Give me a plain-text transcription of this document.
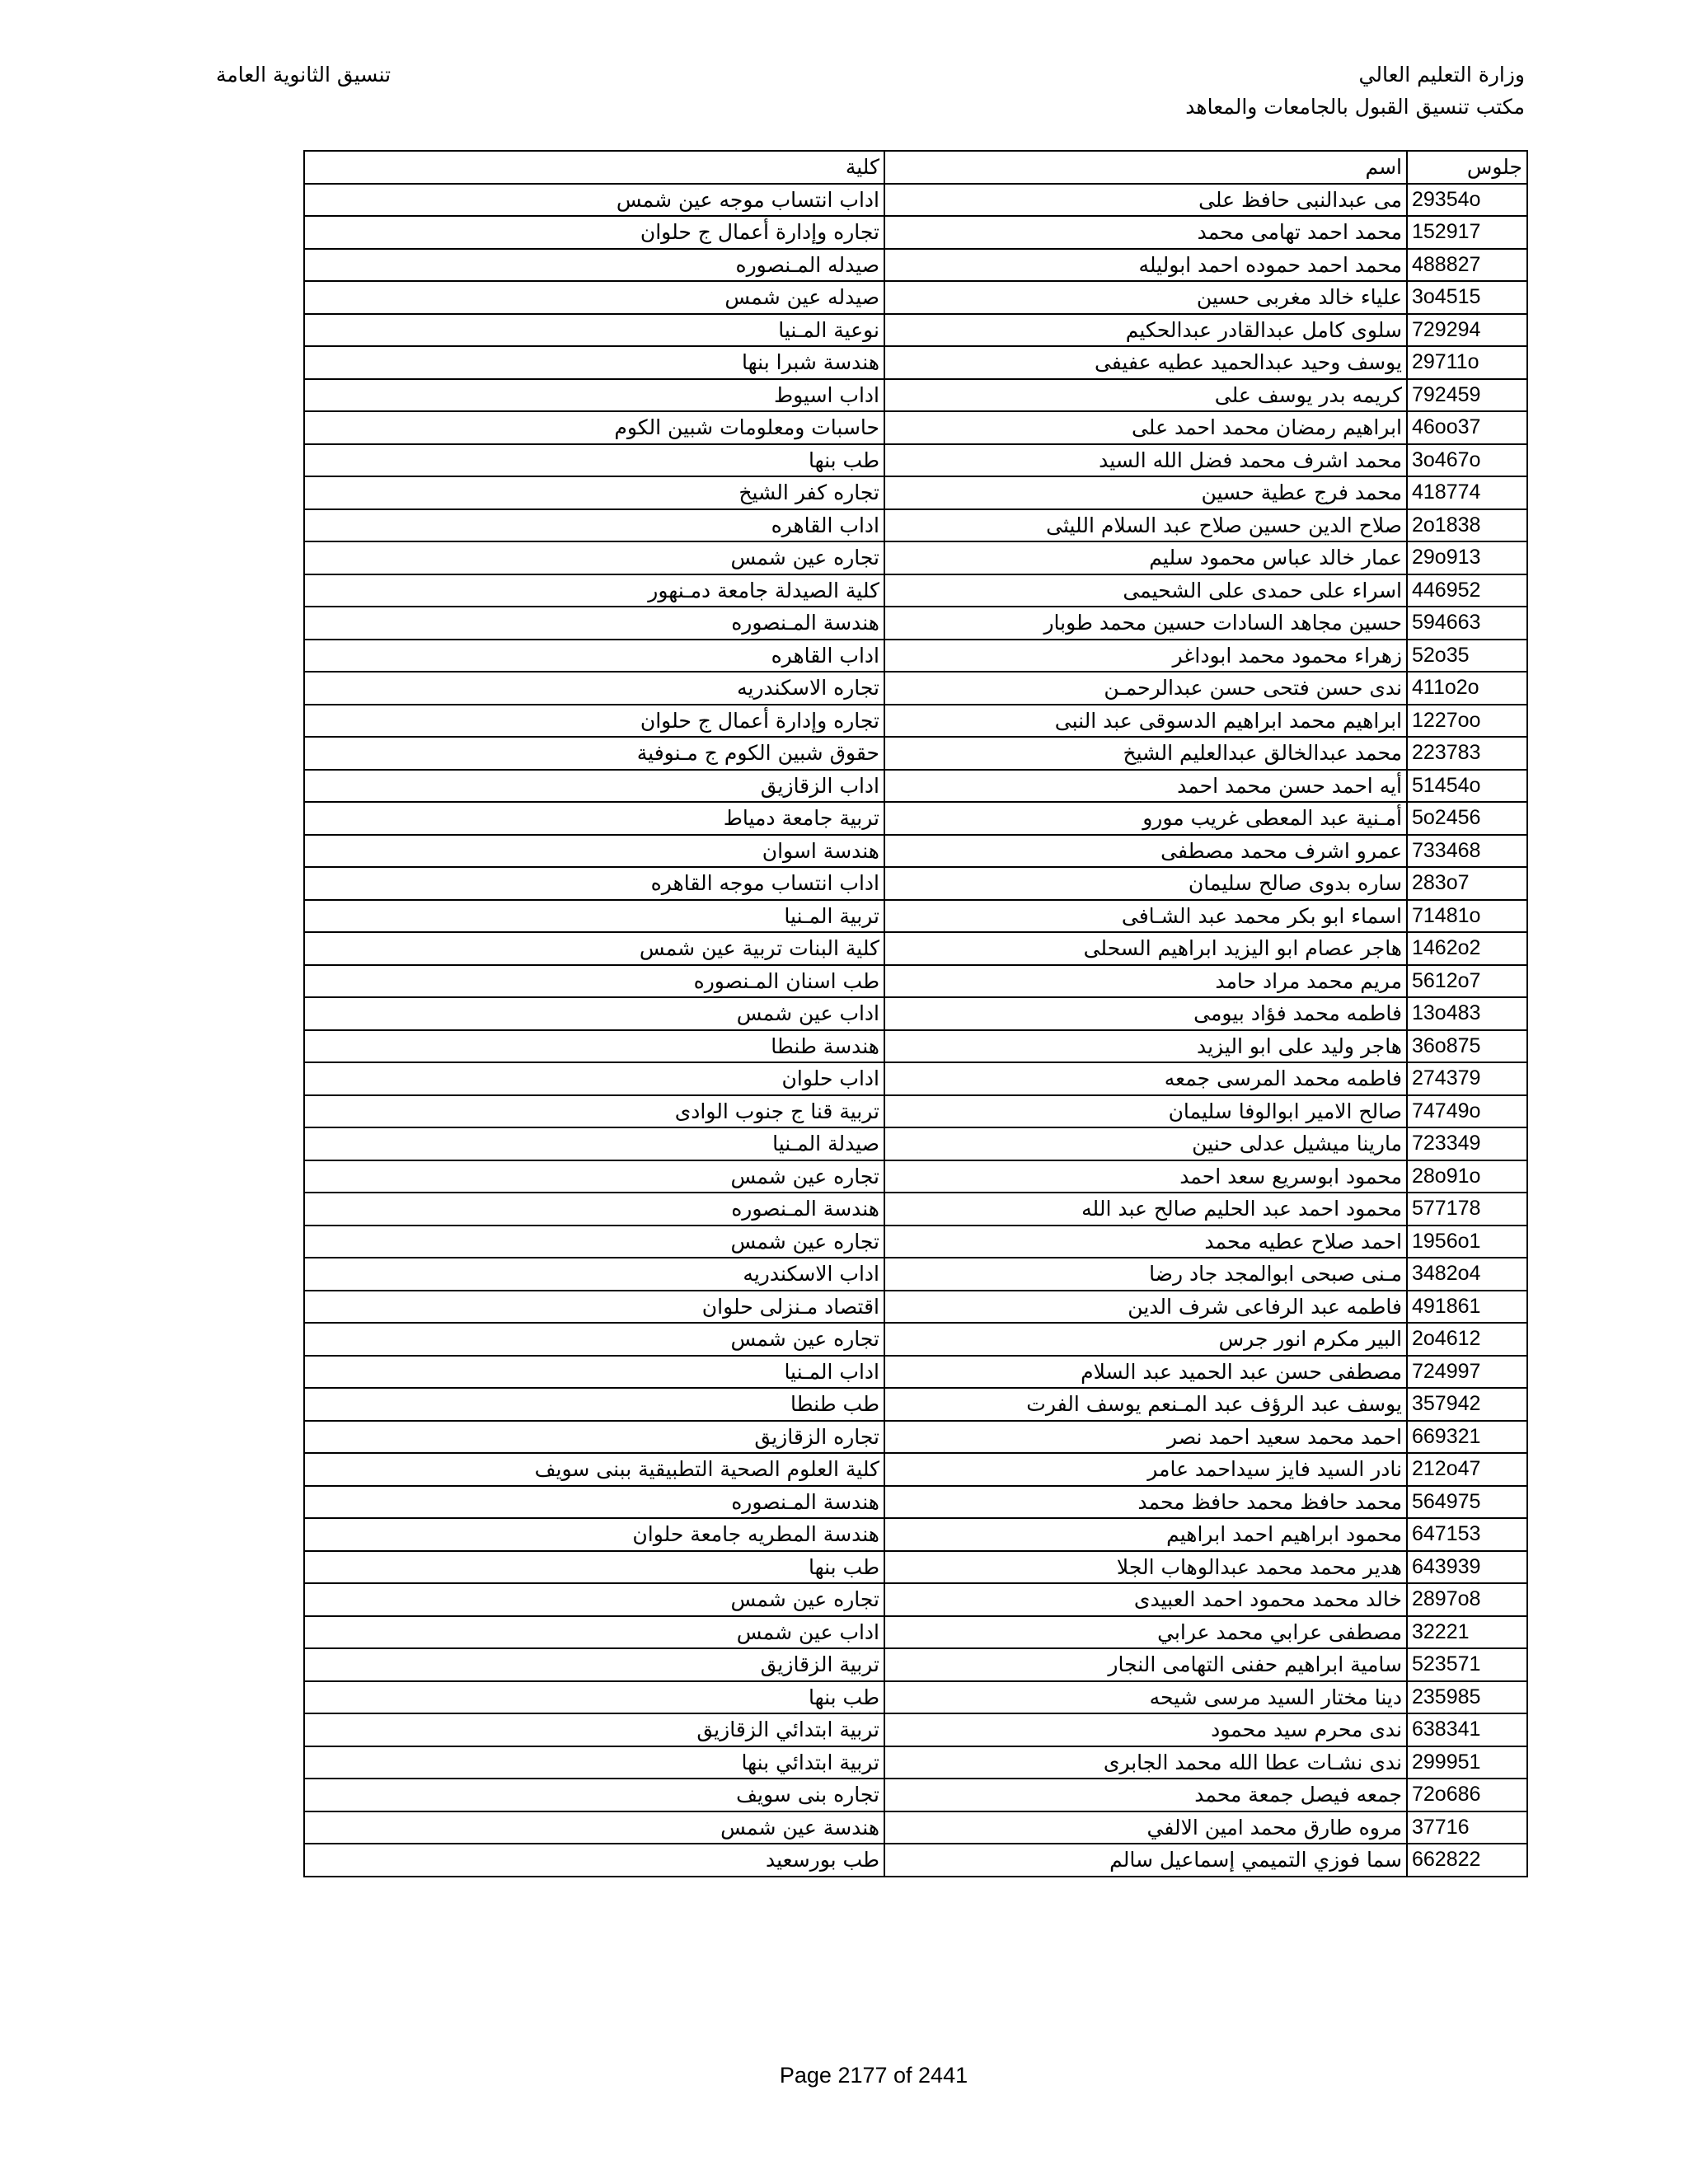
وزارة التعليم العالي
مكتب تنسيق القبول بالجامعات والمعاهد
تنسيق الثانوية العامة
كلية	اسم	جلوس
اداب انتساب موجه عين شمس	مى عبدالنبى حافظ على	29354o
تجاره وإدارة أعمال ج حلوان	محمد احمد تهامى محمد	152917
صيدله المـنصوره	محمد احمد حموده احمد ابوليله	488827
صيدله عين شمس	علياء خالد مغربى حسين	3o4515
نوعية المـنيا	سلوى كامل عبدالقادر عبدالحكيم	729294
هندسة شبرا بنها	يوسف وحيد عبدالحميد عطيه عفيفى	29711o
اداب اسيوط	كريمه بدر يوسف على	792459
حاسبات ومعلومات شبين الكوم	ابراهيم رمضان محمد احمد على	46oo37
طب بنها	محمد اشرف محمد فضل الله السيد	3o467o
تجاره كفر الشيخ	محمد فرج عطية حسين	418774
اداب القاهره	صلاح الدين حسين صلاح عبد السلام الليثى	2o1838
تجاره عين شمس	عمار خالد عباس محمود سليم	29o913
كلية الصيدلة جامعة دمـنهور	اسراء على حمدى على الشحيمى	446952
هندسة المـنصوره	حسين مجاهد السادات حسين محمد طوبار	594663
اداب القاهره	زهراء محمود محمد ابوداغر	52o35
تجاره الاسكندريه	ندى حسن فتحى حسن عبدالرحمـن	411o2o
تجاره وإدارة أعمال ج حلوان	ابراهيم محمد ابراهيم الدسوقى عبد النبى	1227oo
حقوق شبين الكوم ج مـنوفية	محمد عبدالخالق عبدالعليم الشيخ	223783
اداب الزقازيق	أيه احمد حسن محمد احمد	51454o
تربية جامعة دمياط	أمـنية عبد المعطى غريب مورو	5o2456
هندسة اسوان	عمرو اشرف محمد مصطفى	733468
اداب انتساب موجه القاهره	ساره بدوى صالح سليمان	283o7
تربية المـنيا	اسماء ابو بكر محمد عبد الشـافى	71481o
كلية البنات تربية عين شمس	هاجر عصام ابو اليزيد ابراهيم السحلى	1462o2
طب اسنان المـنصوره	مريم محمد مراد حامد	5612o7
اداب عين شمس	فاطمه محمد فؤاد بيومى	13o483
هندسة طنطا	هاجر وليد على ابو اليزيد	36o875
اداب حلوان	فاطمه محمد المرسى جمعه	274379
تربية قنا ج جنوب الوادى	صالح الامير ابوالوفا سليمان	74749o
صيدلة المـنيا	مارينا ميشيل عدلى حنين	723349
تجاره عين شمس	محمود ابوسريع سعد احمد	28o91o
هندسة المـنصوره	محمود احمد عبد الحليم صالح عبد الله	577178
تجاره عين شمس	احمد صلاح عطيه محمد	1956o1
اداب الاسكندريه	مـنى صبحى ابوالمجد جاد رضا	3482o4
اقتصاد مـنزلى حلوان	فاطمه عبد الرفاعى شرف الدين	491861
تجاره عين شمس	البير مكرم انور جرس	2o4612
اداب المـنيا	مصطفى حسن عبد الحميد عبد السلام	724997
طب طنطا	يوسف عبد الرؤف عبد المـنعم يوسف الفرت	357942
تجاره الزقازيق	احمد محمد سعيد احمد نصر	669321
كلية العلوم الصحية التطبيقية ببنى سويف	نادر السيد فايز سيداحمد عامر	212o47
هندسة المـنصوره	محمد حافظ محمد حافظ محمد	564975
هندسة المطريه جامعة حلوان	محمود ابراهيم احمد ابراهيم	647153
طب بنها	هدير محمد محمد عبدالوهاب الجلا	643939
تجاره عين شمس	خالد محمد محمود احمد العبيدى	2897o8
اداب عين شمس	مصطفى عرابي محمد عرابي	32221
تربية الزقازيق	سامية ابراهيم حفنى التهامى النجار	523571
طب بنها	دينا مختار السيد مرسى شيحه	235985
تربية ابتدائي الزقازيق	ندى محرم سيد محمود	638341
تربية ابتدائي بنها	ندى نشـات عطا الله محمد الجابرى	299951
تجاره بنى سويف	جمعه فيصل جمعة محمد	72o686
هندسة عين شمس	مروه طارق محمد امين الالفي	37716
طب بورسعيد	سما فوزي التميمي إسماعيل سالم	662822
Page 2177 of 2441
